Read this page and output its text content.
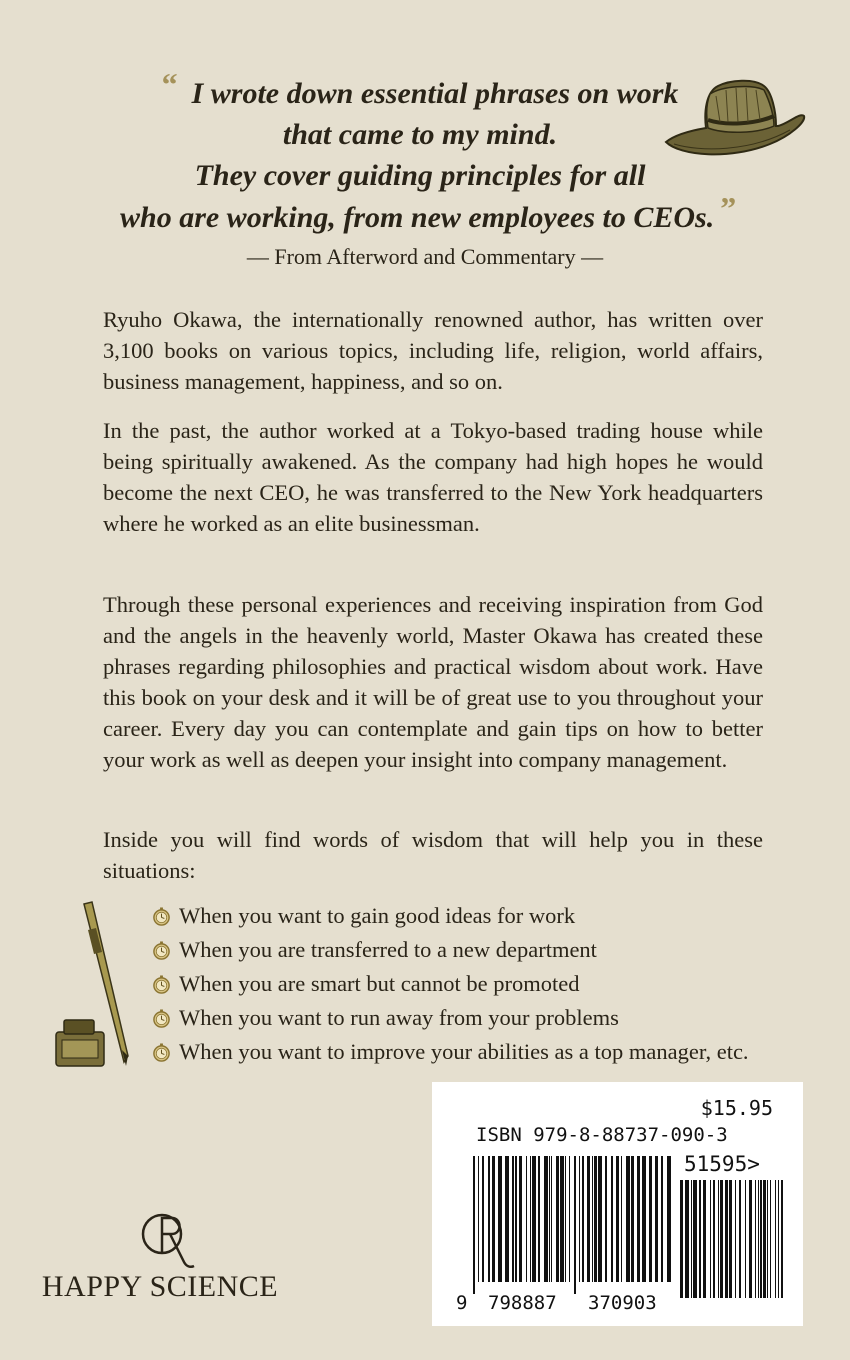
“ I wrote down essential phrases on work
that came to my mind.
They cover guiding principles for all
who are working, from new employees to CEOs. ”
— From Afterword and Commentary —

Ryuho Okawa, the internationally renowned author, has written over 3,100 books on various topics, including life, religion, world affairs, business management, happiness, and so on.

In the past, the author worked at a Tokyo-based trading house while being spiritually awakened. As the company had high hopes he would become the next CEO, he was transferred to the New York headquarters where he worked as an elite businessman.

Through these personal experiences and receiving inspiration from God and the angels in the heavenly world, Master Okawa has created these phrases regarding philosophies and practical wisdom about work. Have this book on your desk and it will be of great use to you throughout your career. Every day you can contemplate and gain tips on how to better your work as well as deepen your insight into company management.

Inside you will find words of wisdom that will help you in these situations:

When you want to gain good ideas for work
When you are transferred to a new department
When you are smart but cannot be promoted
When you want to run away from your problems
When you want to improve your abilities as a top manager, etc.
HAPPY SCIENCE
$15.95
ISBN 979-8-88737-090-3
51595>
9 798887 370903
